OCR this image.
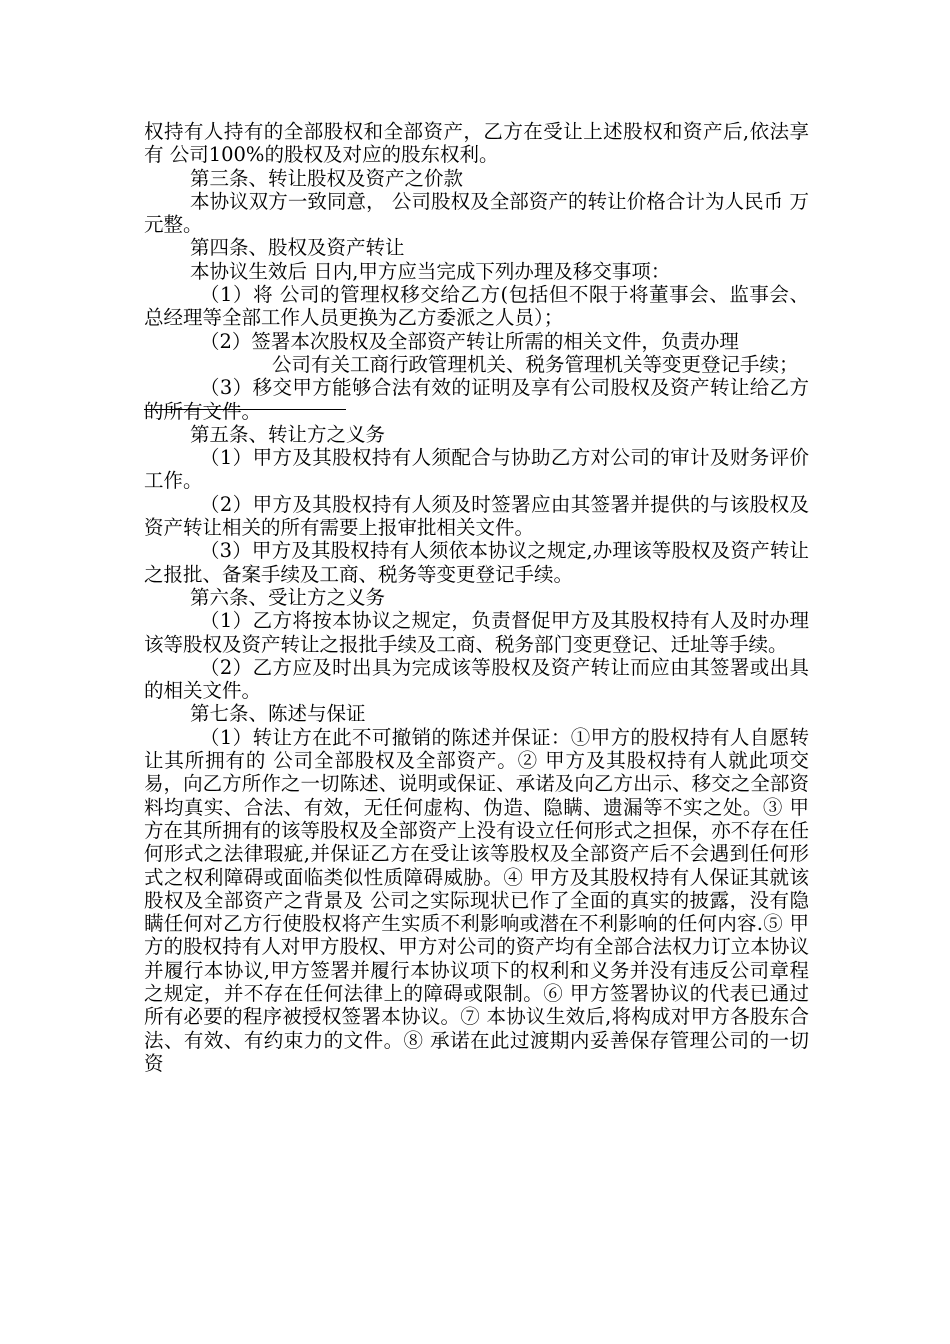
权持有人持有的全部股权和全部资产，乙方在受让上述股权和资产后,依法享有 公司100%的股权及对应的股东权利。

第三条、转让股权及资产之价款

本协议双方一致同意， 公司股权及全部资产的转让价格合计为人民币 万元整。

第四条、股权及资产转让

本协议生效后 日内,甲方应当完成下列办理及移交事项：

（1）将 公司的管理权移交给乙方(包括但不限于将董事会、监事会、总经理等全部工作人员更换为乙方委派之人员）；

（2）签署本次股权及全部资产转让所需的相关文件，负责办理

公司有关工商行政管理机关、税务管理机关等变更登记手续；

（3）移交甲方能够合法有效的证明及享有公司股权及资产转让给乙方的所有文件。

第五条、转让方之义务

（1）甲方及其股权持有人须配合与协助乙方对公司的审计及财务评价工作。

（2）甲方及其股权持有人须及时签署应由其签署并提供的与该股权及资产转让相关的所有需要上报审批相关文件。

（3）甲方及其股权持有人须依本协议之规定,办理该等股权及资产转让之报批、备案手续及工商、税务等变更登记手续。

第六条、受让方之义务

（1）乙方将按本协议之规定，负责督促甲方及其股权持有人及时办理该等股权及资产转让之报批手续及工商、税务部门变更登记、迁址等手续。

（2）乙方应及时出具为完成该等股权及资产转让而应由其签署或出具的相关文件。

第七条、陈述与保证

（1）转让方在此不可撤销的陈述并保证：①甲方的股权持有人自愿转让其所拥有的 公司全部股权及全部资产。② 甲方及其股权持有人就此项交易，向乙方所作之一切陈述、说明或保证、承诺及向乙方出示、移交之全部资料均真实、合法、有效，无任何虚构、伪造、隐瞒、遗漏等不实之处。③ 甲方在其所拥有的该等股权及全部资产上没有设立任何形式之担保，亦不存在任何形式之法律瑕疵,并保证乙方在受让该等股权及全部资产后不会遇到任何形式之权利障碍或面临类似性质障碍威胁。④ 甲方及其股权持有人保证其就该股权及全部资产之背景及 公司之实际现状已作了全面的真实的披露，没有隐瞒任何对乙方行使股权将产生实质不利影响或潜在不利影响的任何内容.⑤ 甲方的股权持有人对甲方股权、甲方对公司的资产均有全部合法权力订立本协议并履行本协议,甲方签署并履行本协议项下的权利和义务并没有违反公司章程之规定，并不存在任何法律上的障碍或限制。⑥ 甲方签署协议的代表已通过所有必要的程序被授权签署本协议。⑦ 本协议生效后,将构成对甲方各股东合法、有效、有约束力的文件。⑧ 承诺在此过渡期内妥善保存管理公司的一切资
